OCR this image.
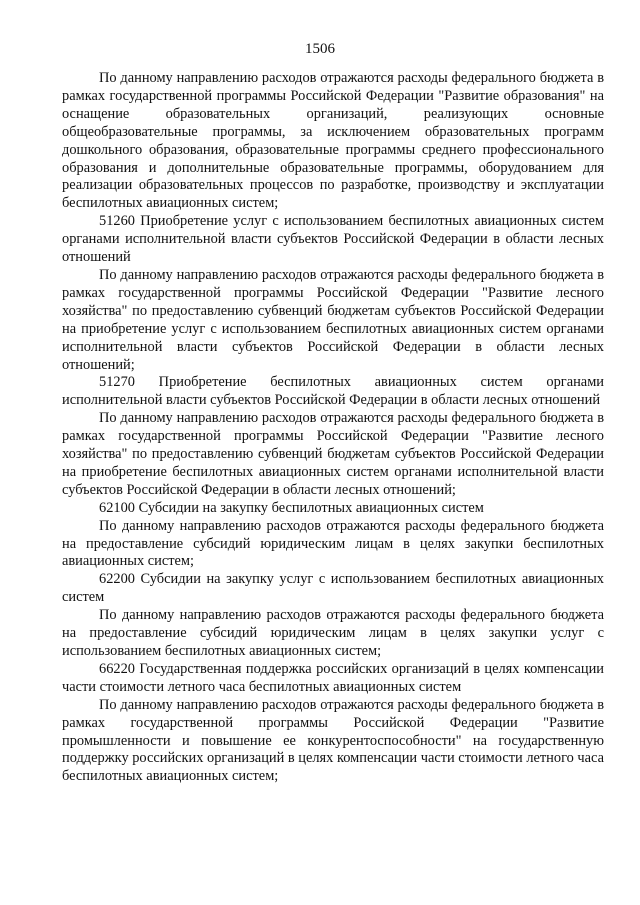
1506

По данному направлению расходов отражаются расходы федерального бюджета в рамках государственной программы Российской Федерации "Развитие образования" на оснащение образовательных организаций, реализующих основные общеобразовательные программы, за исключением образовательных программ дошкольного образования, образовательные программы среднего профессионального образования и дополнительные образовательные программы, оборудованием для реализации образовательных процессов по разработке, производству и эксплуатации беспилотных авиационных систем;

51260 Приобретение услуг с использованием беспилотных авиационных систем органами исполнительной власти субъектов Российской Федерации в области лесных отношений

По данному направлению расходов отражаются расходы федерального бюджета в рамках государственной программы Российской Федерации "Развитие лесного хозяйства" по предоставлению субвенций бюджетам субъектов Российской Федерации на приобретение услуг с использованием беспилотных авиационных систем органами исполнительной власти субъектов Российской Федерации в области лесных отношений;

51270 Приобретение беспилотных авиационных систем органами исполнительной власти субъектов Российской Федерации в области лесных отношений

По данному направлению расходов отражаются расходы федерального бюджета в рамках государственной программы Российской Федерации "Развитие лесного хозяйства" по предоставлению субвенций бюджетам субъектов Российской Федерации на приобретение беспилотных авиационных систем органами исполнительной власти субъектов Российской Федерации в области лесных отношений;

62100 Субсидии на закупку беспилотных авиационных систем

По данному направлению расходов отражаются расходы федерального бюджета на предоставление субсидий юридическим лицам в целях закупки беспилотных авиационных систем;

62200 Субсидии на закупку услуг с использованием беспилотных авиационных систем

По данному направлению расходов отражаются расходы федерального бюджета на предоставление субсидий юридическим лицам в целях закупки услуг с использованием беспилотных авиационных систем;

66220 Государственная поддержка российских организаций в целях компенсации части стоимости летного часа беспилотных авиационных систем

По данному направлению расходов отражаются расходы федерального бюджета в рамках государственной программы Российской Федерации "Развитие промышленности и повышение ее конкурентоспособности" на государственную поддержку российских организаций в целях компенсации части стоимости летного часа беспилотных авиационных систем;
